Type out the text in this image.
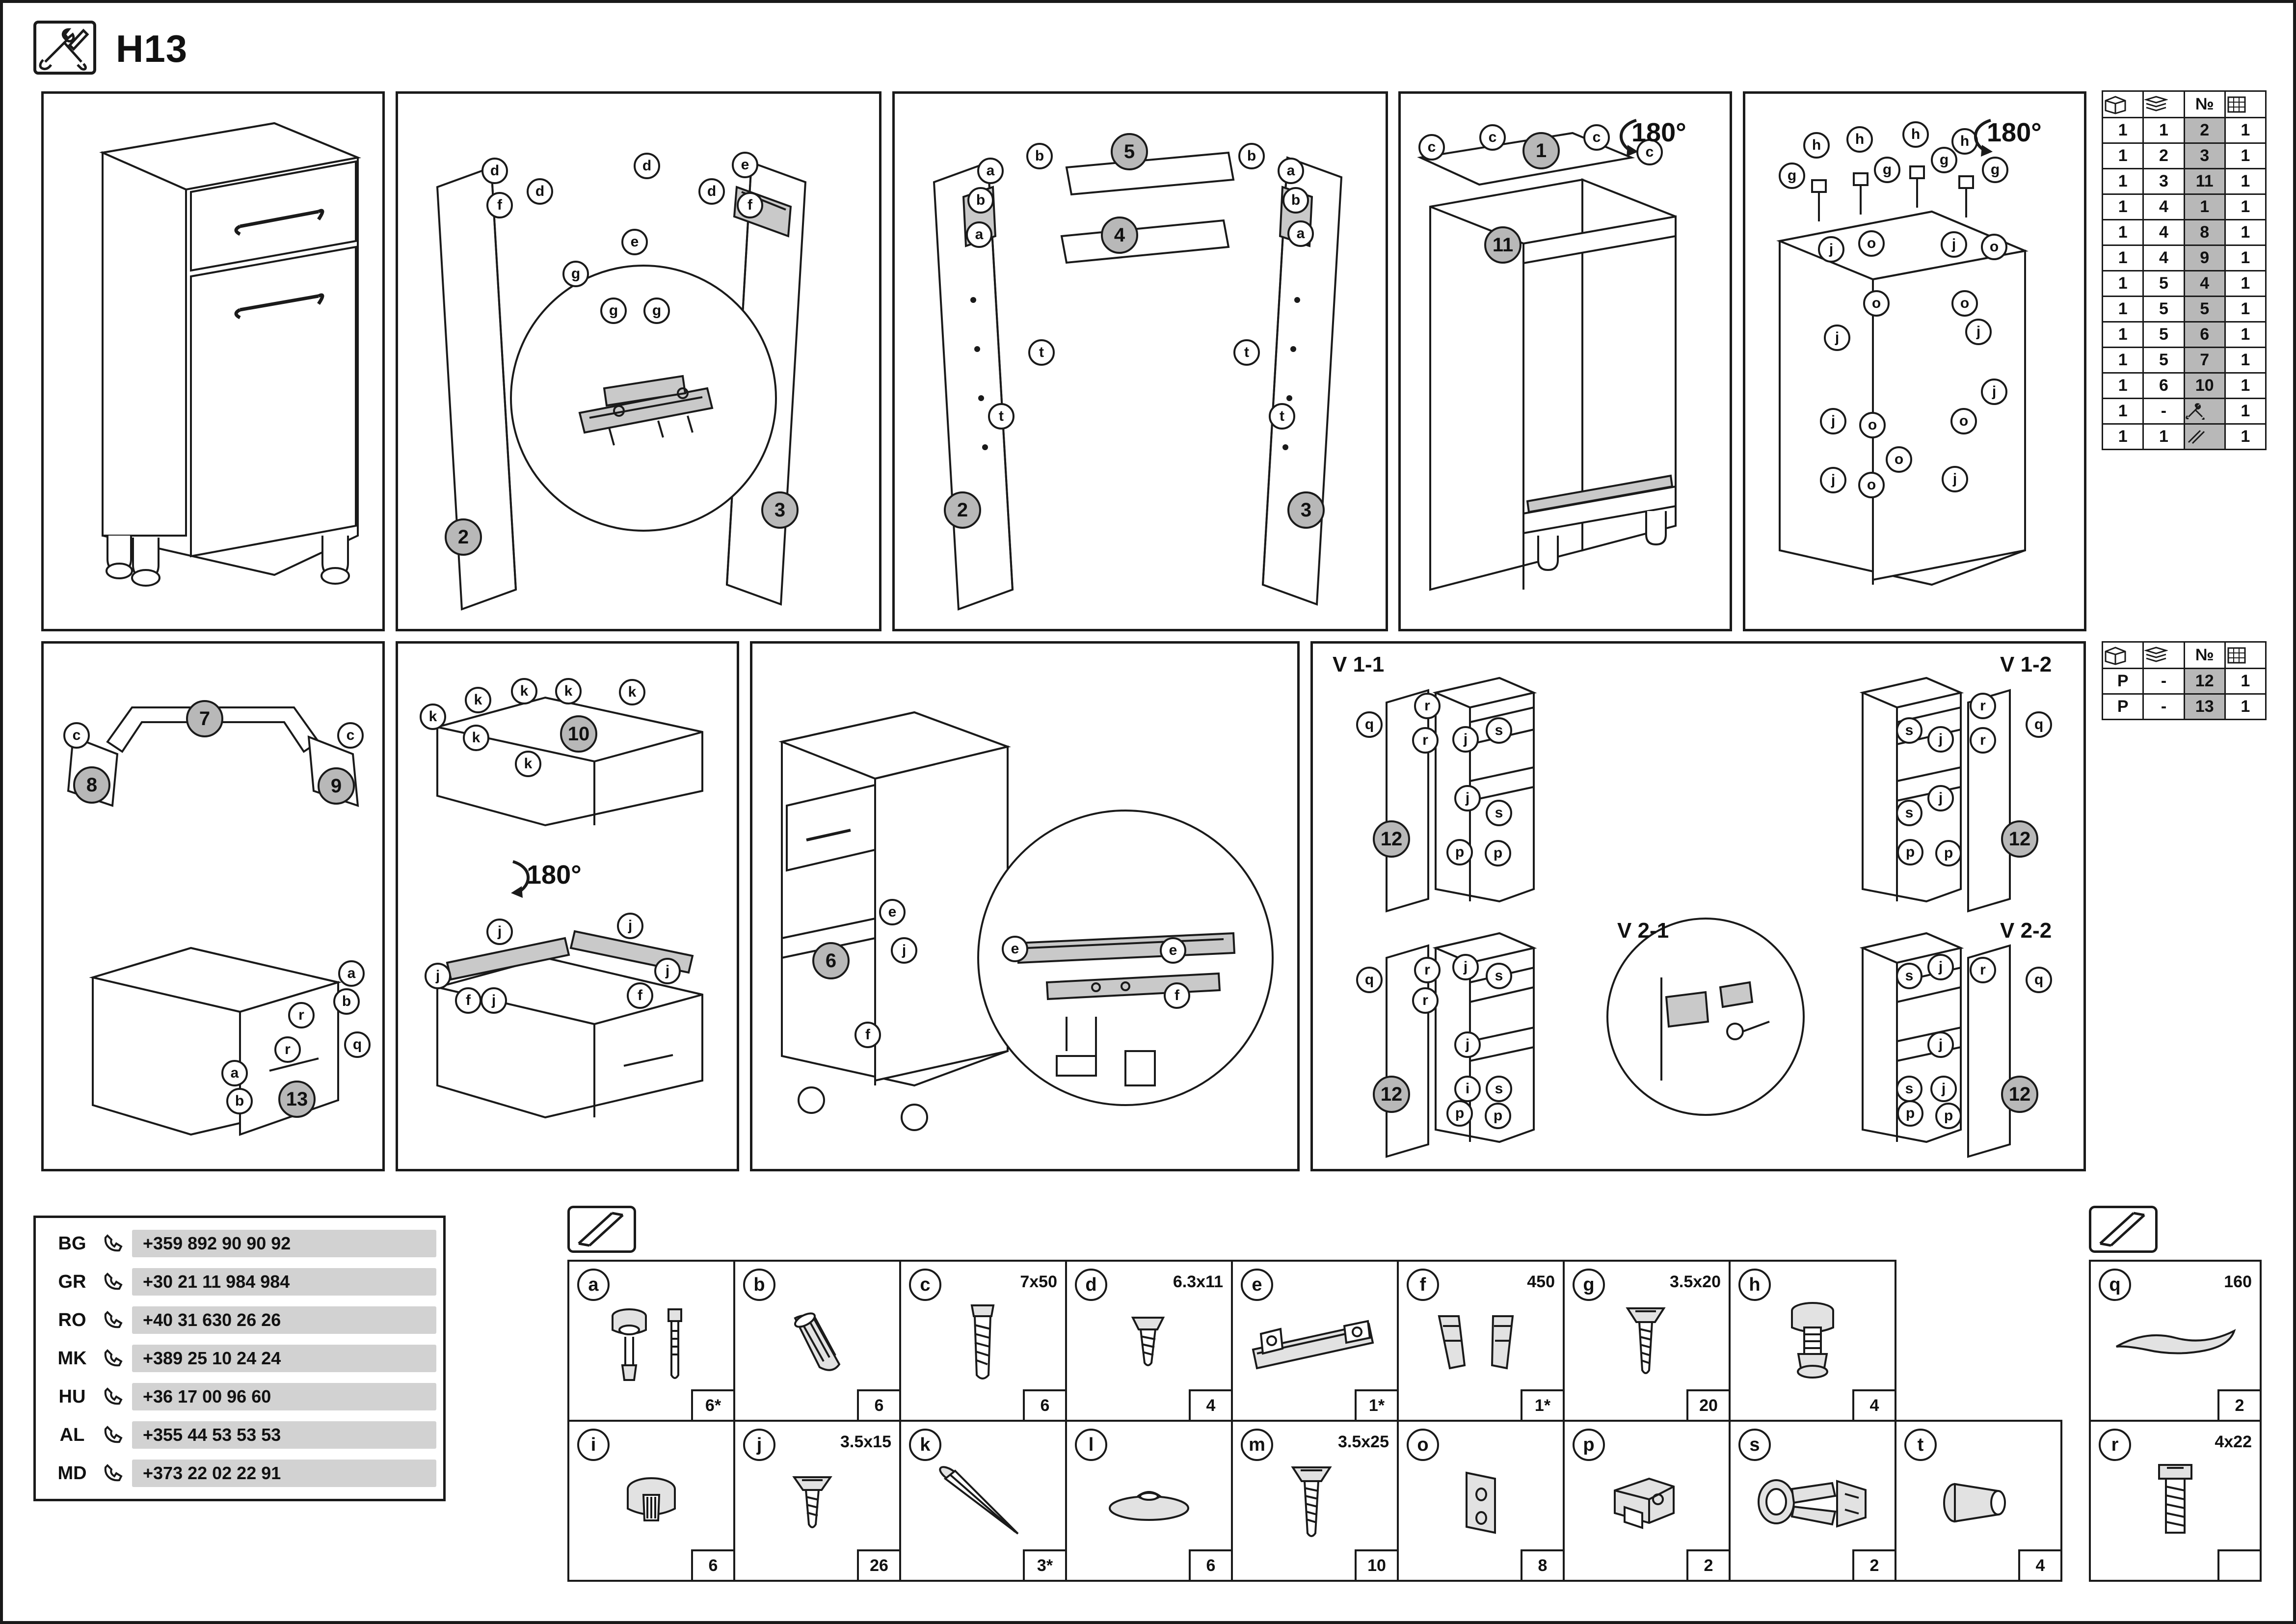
H13
d
d
f
d	e
d
f
e
g
g	g
2
3
b
a
b
a
b
a
b
a
t
t
t
t
5
4
2	3
c
c	c
c
1
11
180°	h	h	h	h
g	g
g
g
j	o	j	o
o	o
j	j
j
j	o	o
j	o	j
o
180°

	№	

1	1	2	1
1	2	3	1
1	3	11	1
1	4	1	1
1	4	8	1
1	4	9	1
1	5	4	1
1	5	5	1
1	5	6	1
1	5	7	1
1	6	10	1
1	-		1
1	1		1

	№	

P	-	12	1
P	-	13	1
c	c
7
8	9
a
b
a
b
r
r	q
13
k
k
k	k	k
k
k
10
j	j
j
j
j
f	f
180°
e
j
6
e	e
f
f
V 1-1	V 1-2
V 2-1	V 2-2
q
r
r	j
s
j
s
p	p
12
s
j
r
r
q
s
j
p	p
12
q
j
s
r
r
j
i	s
p	p
12
j
s	r
q
j
s	j
p	p
12
BG	+359 892 90 90 92
GR	+30 21 11 984 984
RO	+40 31 630 26 26
MK	+389 25 10 24 24
HU	+36 17 00 96 60
AL	+355 44 53 53 53
MD	+373 22 02 22 91
a
6*
b
6
c	7x50
6
d	6.3x11
4
e
1*
f	450
1*
g	3.5x20
20
h
4
i
6
j	3.5x15
26
k
3*
l
6
m	3.5x25
10
o
8
p
2
s
2
t
4
q	160
2
r	4x22
